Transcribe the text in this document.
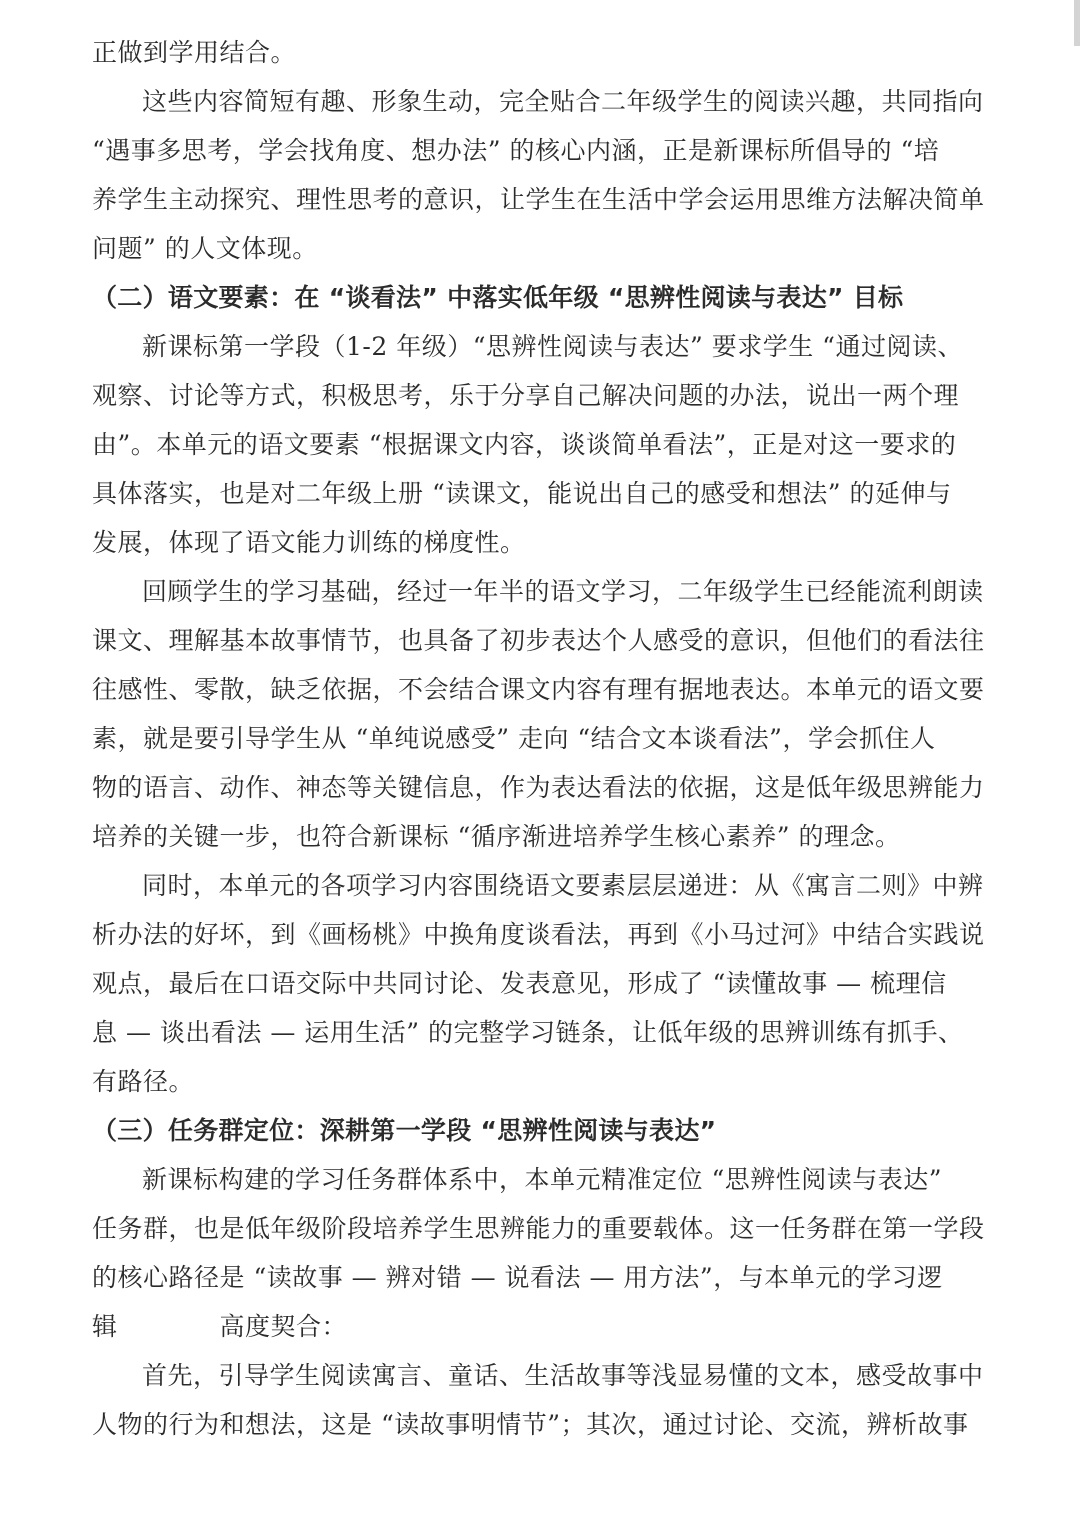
正做到学用结合。
这些内容简短有趣、形象生动，完全贴合二年级学生的阅读兴趣，共同指向
“遇事多思考，学会找角度、想办法” 的核心内涵，正是新课标所倡导的 “培
养学生主动探究、理性思考的意识，让学生在生活中学会运用思维方法解决简单
问题” 的人文体现。
（二）语文要素：在 “谈看法” 中落实低年级 “思辨性阅读与表达” 目标
新课标第一学段（1-2 年级）“思辨性阅读与表达” 要求学生 “通过阅读、
观察、讨论等方式，积极思考，乐于分享自己解决问题的办法，说出一两个理
由”。本单元的语文要素 “根据课文内容，谈谈简单看法”，正是对这一要求的
具体落实，也是对二年级上册 “读课文，能说出自己的感受和想法” 的延伸与
发展，体现了语文能力训练的梯度性。
回顾学生的学习基础，经过一年半的语文学习，二年级学生已经能流利朗读
课文、理解基本故事情节，也具备了初步表达个人感受的意识，但他们的看法往
往感性、零散，缺乏依据，不会结合课文内容有理有据地表达。本单元的语文要
素，就是要引导学生从 “单纯说感受” 走向 “结合文本谈看法”，学会抓住人
物的语言、动作、神态等关键信息，作为表达看法的依据，这是低年级思辨能力
培养的关键一步，也符合新课标 “循序渐进培养学生核心素养” 的理念。
同时，本单元的各项学习内容围绕语文要素层层递进：从《寓言二则》中辨
析办法的好坏，到《画杨桃》中换角度谈看法，再到《小马过河》中结合实践说
观点，最后在口语交际中共同讨论、发表意见，形成了 “读懂故事 — 梳理信
息 — 谈出看法 — 运用生活” 的完整学习链条，让低年级的思辨训练有抓手、
有路径。
（三）任务群定位：深耕第一学段 “思辨性阅读与表达”
新课标构建的学习任务群体系中，本单元精准定位 “思辨性阅读与表达”
任务群，也是低年级阶段培养学生思辨能力的重要载体。这一任务群在第一学段
的核心路径是 “读故事 — 辨对错 — 说看法 — 用方法”，与本单元的学习逻
辑　　　　高度契合：
首先，引导学生阅读寓言、童话、生活故事等浅显易懂的文本，感受故事中
人物的行为和想法，这是 “读故事明情节”；其次，通过讨论、交流，辨析故事
